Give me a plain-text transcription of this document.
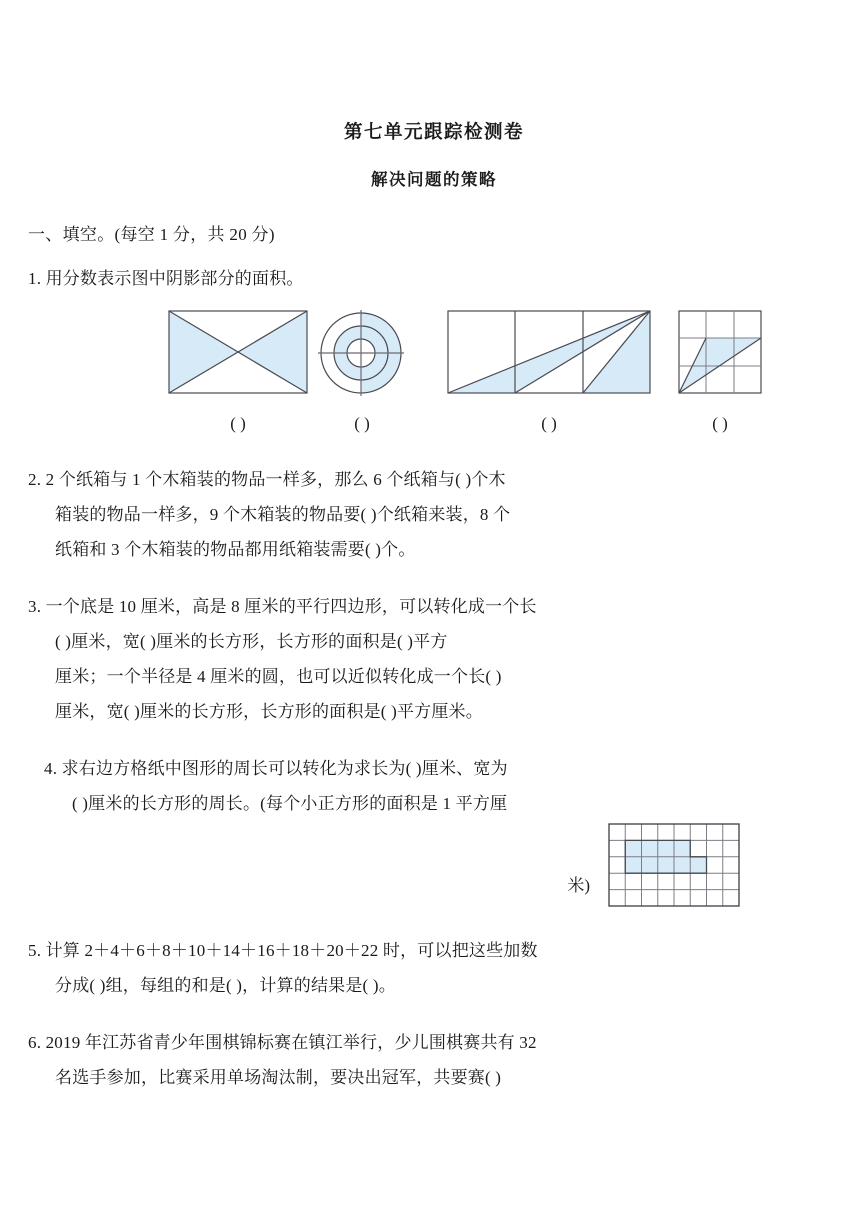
第七单元跟踪检测卷
解决问题的策略
一、填空。(每空 1 分，共 20 分)
1. 用分数表示图中阴影部分的面积。
( )	( )	( )	( )
2. 2 个纸箱与 1 个木箱装的物品一样多，那么 6 个纸箱与( )个木
箱装的物品一样多，9 个木箱装的物品要( )个纸箱来装，8 个
纸箱和 3 个木箱装的物品都用纸箱装需要( )个。
3. 一个底是 10 厘米，高是 8 厘米的平行四边形，可以转化成一个长
( )厘米，宽( )厘米的长方形，长方形的面积是( )平方
厘米；一个半径是 4 厘米的圆，也可以近似转化成一个长( )
厘米，宽( )厘米的长方形，长方形的面积是( )平方厘米。
4. 求右边方格纸中图形的周长可以转化为求长为( )厘米、宽为
( )厘米的长方形的周长。(每个小正方形的面积是 1 平方厘
米)
5. 计算 2＋4＋6＋8＋10＋14＋16＋18＋20＋22 时，可以把这些加数
分成( )组，每组的和是( )，计算的结果是( )。
6. 2019 年江苏省青少年围棋锦标赛在镇江举行，少儿围棋赛共有 32
名选手参加，比赛采用单场淘汰制，要决出冠军，共要赛( )
